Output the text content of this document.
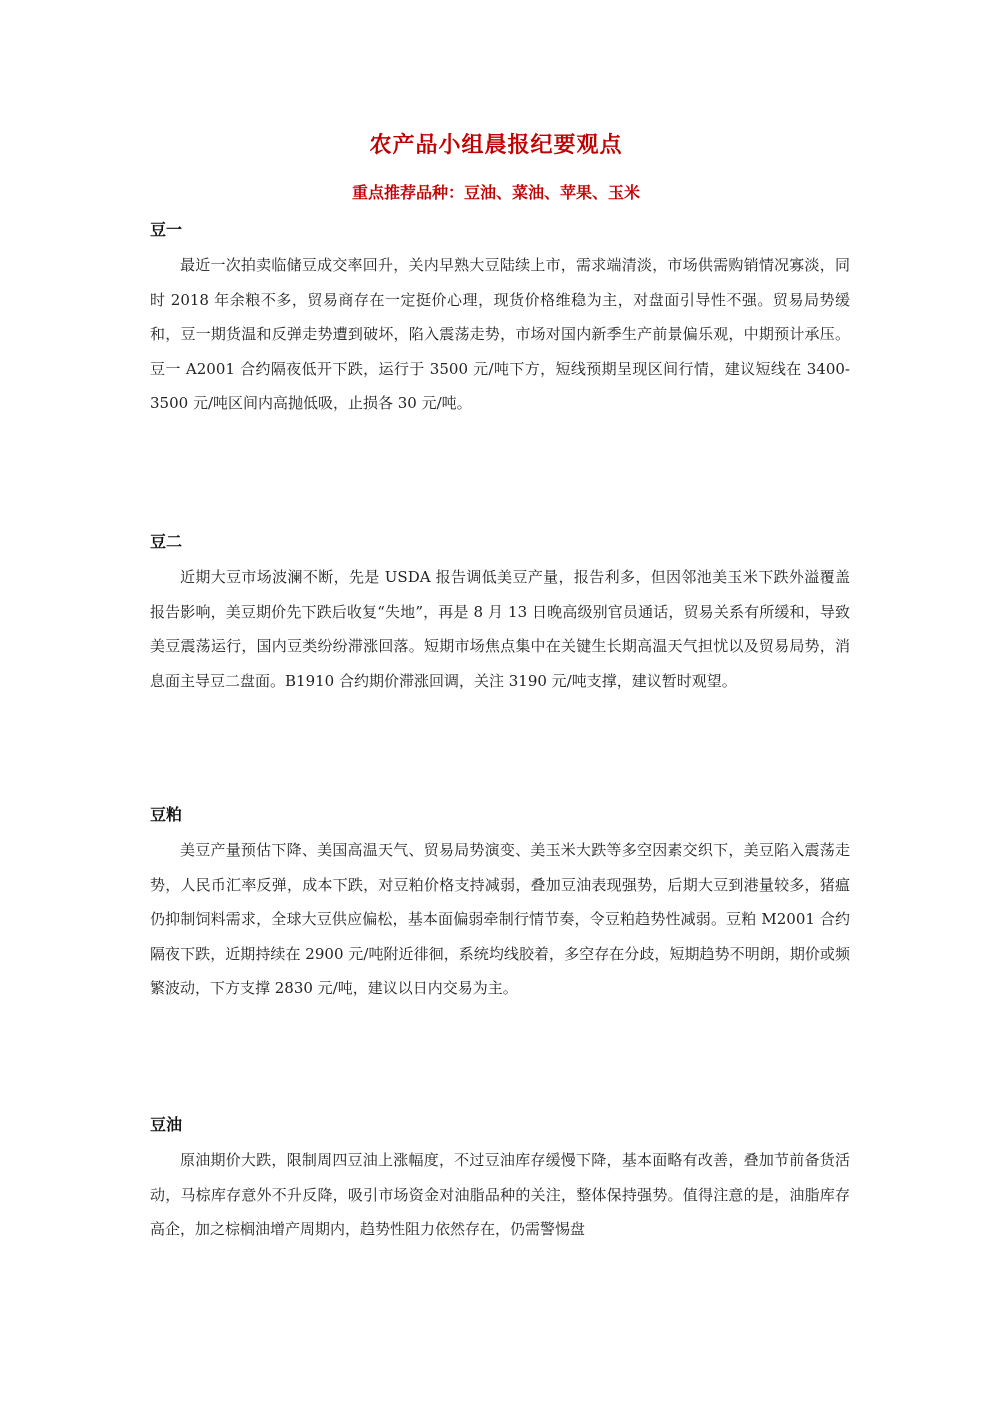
农产品小组晨报纪要观点
重点推荐品种：豆油、菜油、苹果、玉米
豆一

最近一次拍卖临储豆成交率回升，关内早熟大豆陆续上市，需求端清淡，市场供需购销情况寡淡，同时 2018 年余粮不多，贸易商存在一定挺价心理，现货价格维稳为主，对盘面引导性不强。贸易局势缓和，豆一期货温和反弹走势遭到破坏，陷入震荡走势，市场对国内新季生产前景偏乐观，中期预计承压。豆一 A2001 合约隔夜低开下跌，运行于 3500 元/吨下方，短线预期呈现区间行情，建议短线在 3400-3500 元/吨区间内高抛低吸，止损各 30 元/吨。

豆二

近期大豆市场波澜不断，先是 USDA 报告调低美豆产量，报告利多，但因邻池美玉米下跌外溢覆盖报告影响，美豆期价先下跌后收复“失地”，再是 8 月 13 日晚高级别官员通话，贸易关系有所缓和，导致美豆震荡运行，国内豆类纷纷滞涨回落。短期市场焦点集中在关键生长期高温天气担忧以及贸易局势，消息面主导豆二盘面。B1910 合约期价滞涨回调，关注 3190 元/吨支撑，建议暂时观望。

豆粕

美豆产量预估下降、美国高温天气、贸易局势演变、美玉米大跌等多空因素交织下，美豆陷入震荡走势，人民币汇率反弹，成本下跌，对豆粕价格支持减弱，叠加豆油表现强势，后期大豆到港量较多，猪瘟仍抑制饲料需求，全球大豆供应偏松，基本面偏弱牵制行情节奏，令豆粕趋势性减弱。豆粕 M2001 合约隔夜下跌，近期持续在 2900 元/吨附近徘徊，系统均线胶着，多空存在分歧，短期趋势不明朗，期价或频繁波动，下方支撑 2830 元/吨，建议以日内交易为主。

豆油

原油期价大跌，限制周四豆油上涨幅度，不过豆油库存缓慢下降，基本面略有改善，叠加节前备货活动，马棕库存意外不升反降，吸引市场资金对油脂品种的关注，整体保持强势。值得注意的是，油脂库存高企，加之棕榈油增产周期内，趋势性阻力依然存在，仍需警惕盘
